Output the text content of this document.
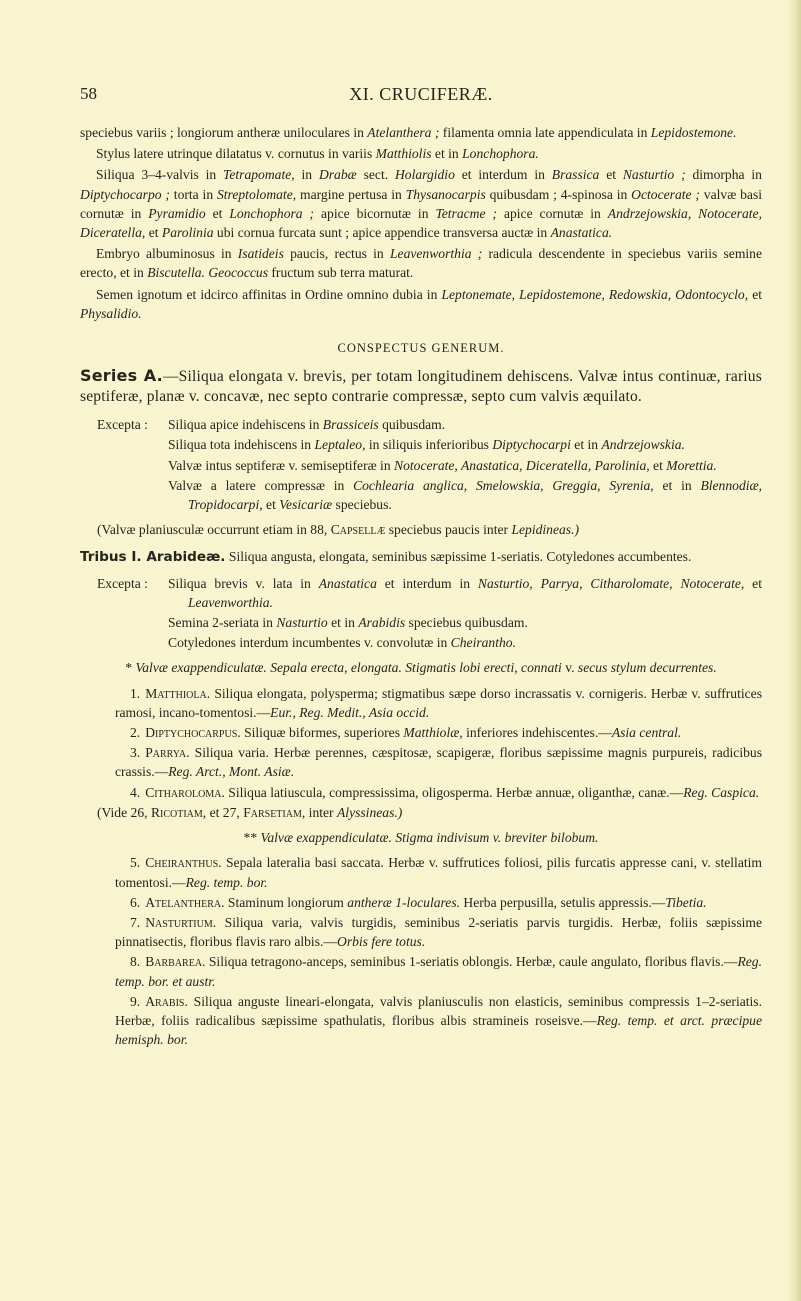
58	XI. CRUCIFERÆ.
speciebus variis ; longiorum antheræ uniloculares in Atelanthera ; filamenta omnia late appendiculata in Lepidostemone.
Stylus latere utrinque dilatatus v. cornutus in variis Matthiolis et in Lonchophora.
Siliqua 3–4-valvis in Tetrapomate, in Drabæ sect. Holargidio et interdum in Brassica et Nasturtio ; dimorpha in Diptychocarpo ; torta in Streptolomate, margine pertusa in Thysanocarpis quibusdam ; 4-spinosa in Octocerate ; valvæ basi cornutæ in Pyramidio et Lonchophora ; apice bicornutæ in Tetracme ; apice cornutæ in Andrzejowskia, Notocerate, Diceratella, et Parolinia ubi cornua furcata sunt ; apice appendice transversa auctæ in Anastatica.
Embryo albuminosus in Isatideis paucis, rectus in Leavenworthia ; radicula descendente in speciebus variis semine erecto, et in Biscutella. Geococcus fructum sub terra maturat.
Semen ignotum et idcirco affinitas in Ordine omnino dubia in Leptonemate, Lepidostemone, Redowskia, Odontocyclo, et Physalidio.
CONSPECTUS GENERUM.
Series A.—Siliqua elongata v. brevis, per totam longitudinem dehiscens. Valvæ intus continuæ, rarius septiferæ, planæ v. concavæ, nec septo contrarie compressæ, septo cum valvis æquilato.
Excepta : Siliqua apice indehiscens in Brassiceis quibusdam.
Siliqua tota indehiscens in Leptaleo, in siliquis inferioribus Diptychocarpi et in Andrzejowskia.
Valvæ intus septiferæ v. semiseptiferæ in Notocerate, Anastatica, Diceratella, Parolinia, et Morettia.
Valvæ a latere compressæ in Cochlearia anglica, Smelowskia, Greggia, Syrenia, et in Blennodiæ, Tropidocarpi, et Vesicariæ speciebus.
(Valvæ planiusculæ occurrunt etiam in 88, Capsellæ speciebus paucis inter Lepidineas.)
Tribus I. Arabideæ. Siliqua angusta, elongata, seminibus sæpissime 1-seriatis. Cotyledones accumbentes.
Excepta : Siliqua brevis v. lata in Anastatica et interdum in Nasturtio, Parrya, Citharolomate, Notocerate, et Leavenworthia.
Semina 2-seriata in Nasturtio et in Arabidis speciebus quibusdam.
Cotyledones interdum incumbentes v. convolutæ in Cheirantho.
* Valvæ exappendiculatæ. Sepala erecta, elongata. Stigmatis lobi erecti, connati v. secus stylum decurrentes.
1. Matthiola. Siliqua elongata, polysperma; stigmatibus sæpe dorso incrassatis v. cornigeris. Herbæ v. suffrutices ramosi, incano-tomentosi.—Eur., Reg. Medit., Asia occid.
2. Diptychocarpus. Siliquæ biformes, superiores Matthiolæ, inferiores indehiscentes.—Asia central.
3. Parrya. Siliqua varia. Herbæ perennes, cæspitosæ, scapigeræ, floribus sæpissime magnis purpureis, radicibus crassis.—Reg. Arct., Mont. Asiæ.
4. Citharoloma. Siliqua latiuscula, compressissima, oligosperma. Herbæ annuæ, oliganthæ, canæ.—Reg. Caspica.
(Vide 26, Ricotiam, et 27, Farsetiam, inter Alyssineas.)
** Valvæ exappendiculatæ. Stigma indivisum v. breviter bilobum.
5. Cheiranthus. Sepala lateralia basi saccata. Herbæ v. suffrutices foliosi, pilis furcatis appresse cani, v. stellatim tomentosi.—Reg. temp. bor.
6. Atelanthera. Staminum longiorum antheræ 1-loculares. Herba perpusilla, setulis appressis.—Tibetia.
7. Nasturtium. Siliqua varia, valvis turgidis, seminibus 2-seriatis parvis turgidis. Herbæ, foliis sæpissime pinnatisectis, floribus flavis raro albis.—Orbis fere totus.
8. Barbarea. Siliqua tetragono-anceps, seminibus 1-seriatis oblongis. Herbæ, caule angulato, floribus flavis.—Reg. temp. bor. et austr.
9. Arabis. Siliqua anguste lineari-elongata, valvis planiusculis non elasticis, seminibus compressis 1–2-seriatis. Herbæ, foliis radicalibus sæpissime spathulatis, floribus albis stramineis roseisve.—Reg. temp. et arct. præcipue hemisph. bor.
